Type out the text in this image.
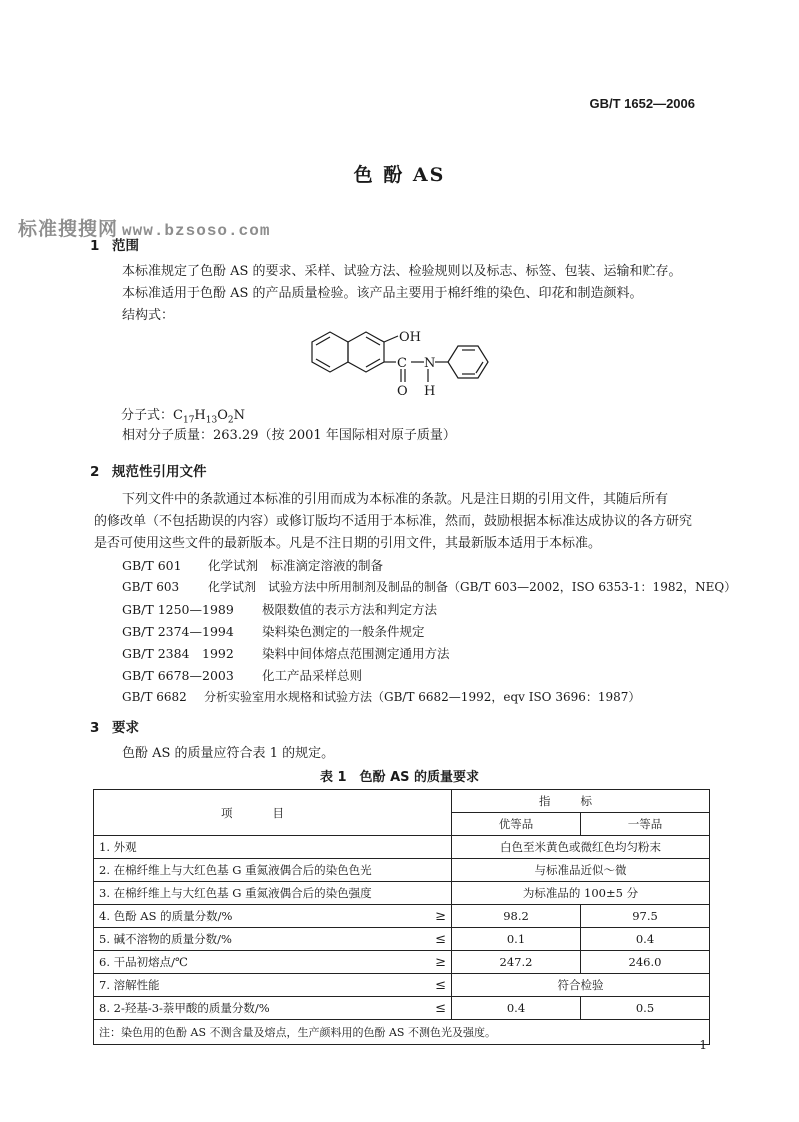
GB/T 1652—2006
色 酚 AS
标准搜搜网 www.bzsoso.com
1 范围
本标准规定了色酚 AS 的要求、采样、试验方法、检验规则以及标志、标签、包装、运输和贮存。
本标准适用于色酚 AS 的产品质量检验。该产品主要用于棉纤维的染色、印花和制造颜料。
结构式：
OH
C N
O H
分子式：$C_{17}H_{13}O_2N$
相对分子质量：263.29（按 2001 年国际相对原子质量）
2 规范性引用文件
下列文件中的条款通过本标准的引用而成为本标准的条款。凡是注日期的引用文件，其随后所有
的修改单（不包括勘误的内容）或修订版均不适用于本标准，然而，鼓励根据本标准达成协议的各方研究
是否可使用这些文件的最新版本。凡是不注日期的引用文件，其最新版本适用于本标准。
GB/T 601 化学试剂　标准滴定溶液的制备
GB/T 603 化学试剂　试验方法中所用制剂及制品的制备（GB/T 603—2002，ISO 6353-1：1982，NEQ）
GB/T 1250—1989 极限数值的表示方法和判定方法
GB/T 2374—1994 染料染色测定的一般条件规定
GB/T 2384　1992 染料中间体熔点范围测定通用方法
GB/T 6678—2003 化工产品采样总则
GB/T 6682 分析实验室用水规格和试验方法（GB/T 6682—1992，eqv ISO 3696：1987）
3 要求
色酚 AS 的质量应符合表 1 的规定。
表 1　色酚 AS 的质量要求
项目		指标	
		优等品	一等品
1. 外观		白色至米黄色或微红色均匀粉末	
2. 在棉纤维上与大红色基 G 重氮液偶合后的染色色光		与标准品近似～微	
3. 在棉纤维上与大红色基 G 重氮液偶合后的染色强度		为标准品的 100±5 分	
4. 色酚 AS 的质量分数/%	≥	98.2	97.5
5. 碱不溶物的质量分数/%	≤	0.1	0.4
6. 干品初熔点/℃	≥	247.2	246.0
7. 溶解性能	≤	符合检验	
8. 2-羟基-3-萘甲酸的质量分数/%	≤	0.4	0.5
注：染色用的色酚 AS 不测含量及熔点，生产颜料用的色酚 AS 不测色光及强度。			
1
